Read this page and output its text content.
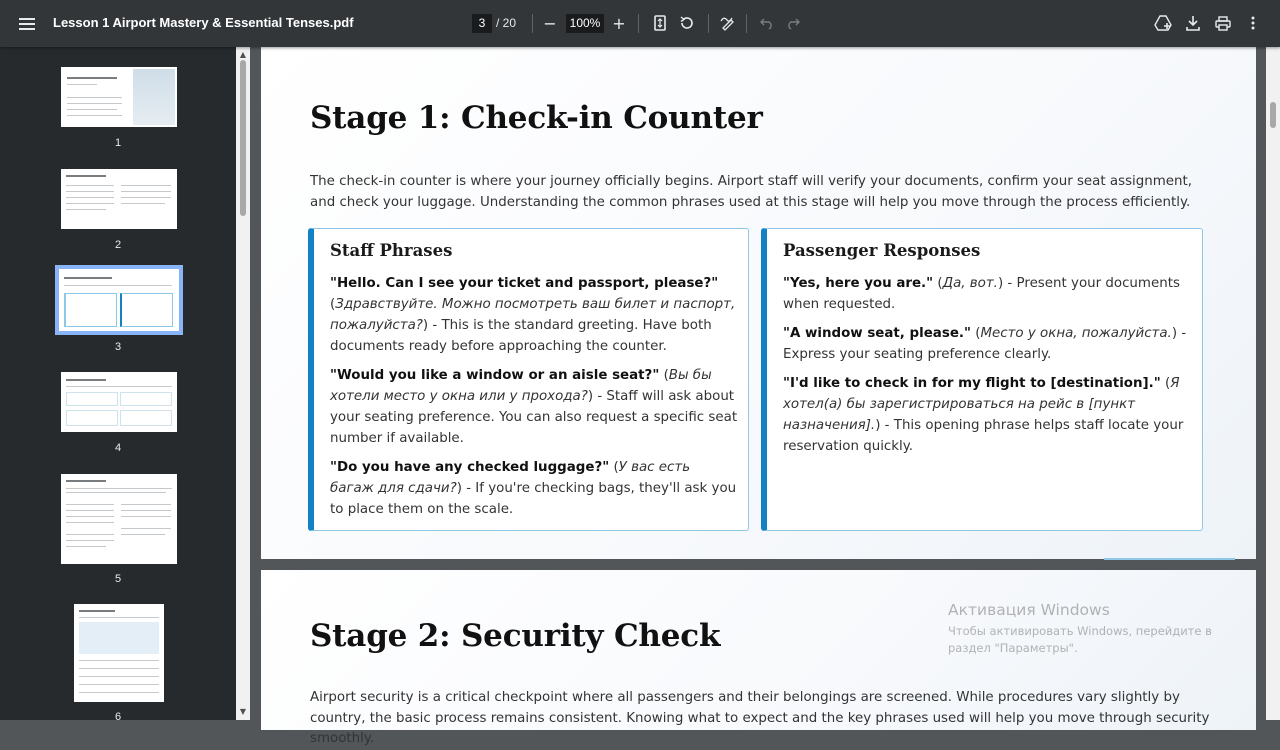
Lesson 1 Airport Mastery & Essential Tenses.pdf	3 / 20 −	100% +
1
2
3
4
5
6
▲
▼
Stage 1: Check-in Counter
The check-in counter is where your journey officially begins. Airport staff will verify your documents, confirm your seat assignment, and check your luggage. Understanding the common phrases used at this stage will help you move through the process efficiently.
Staff Phrases
"Hello. Can I see your ticket and passport, please?" (Здравствуйте. Можно посмотреть ваш билет и паспорт, пожалуйста?) - This is the standard greeting. Have both documents ready before approaching the counter.
"Would you like a window or an aisle seat?" (Вы бы хотели место у окна или у прохода?) - Staff will ask about your seating preference. You can also request a specific seat number if available.
"Do you have any checked luggage?" (У вас есть багаж для сдачи?) - If you're checking bags, they'll ask you to place them on the scale.
Passenger Responses
"Yes, here you are." (Да, вот.) - Present your documents when requested.
"A window seat, please." (Место у окна, пожалуйста.) - Express your seating preference clearly.
"I'd like to check in for my flight to [destination]." (Я хотел(а) бы зарегистрироваться на рейс в [пункт назначения].) - This opening phrase helps staff locate your reservation quickly.
Stage 2: Security Check
Airport security is a critical checkpoint where all passengers and their belongings are screened. While procedures vary slightly by country, the basic process remains consistent. Knowing what to expect and the key phrases used will help you move through security smoothly.
Активация Windows
Чтобы активировать Windows, перейдите в раздел "Параметры".
